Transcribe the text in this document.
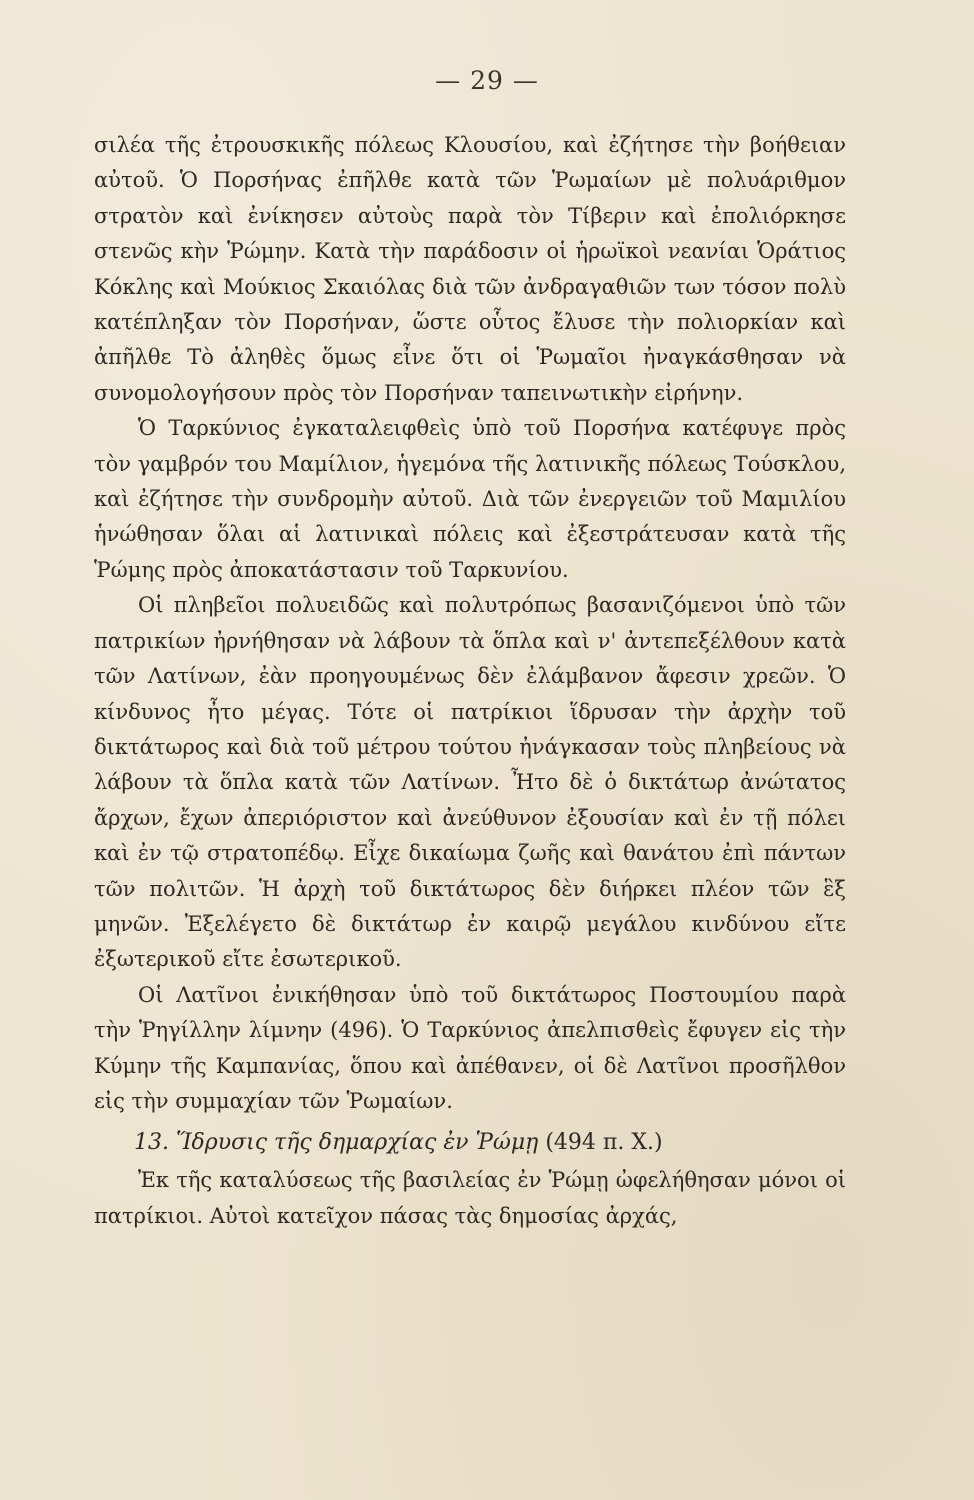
— 29 —

σιλέα τῆς ἐτρουσκικῆς πόλεως Κλουσίου, καὶ ἐζήτησε τὴν βοήθειαν αὐτοῦ. Ὁ Πορσήνας ἐπῆλθε κατὰ τῶν Ῥωμαίων μὲ πολυάριθμον στρατὸν καὶ ἐνίκησεν αὐτοὺς παρὰ τὸν Τίβεριν καὶ ἐπολιόρκησε στενῶς κὴν Ῥώμην. Κατὰ τὴν παράδοσιν οἱ ἡρωϊκοὶ νεανίαι Ὁράτιος Κόκλης καὶ Μούκιος Σκαιόλας διὰ τῶν ἀνδραγαθιῶν των τόσον πολὺ κατέπληξαν τὸν Πορσήναν, ὥστε οὗτος ἔλυσε τὴν πολιορκίαν καὶ ἀπῆλθε Τὸ ἀληθὲς ὅμως εἶνε ὅτι οἱ Ῥωμαῖοι ἠναγκάσθησαν νὰ συνομολογήσουν πρὸς τὸν Πορσήναν ταπεινωτικὴν εἰρήνην.

Ὁ Ταρκύνιος ἐγκαταλειφθεὶς ὑπὸ τοῦ Πορσήνα κατέφυγε πρὸς τὸν γαμβρόν του Μαμίλιον, ἡγεμόνα τῆς λατινικῆς πόλεως Τούσκλου, καὶ ἐζήτησε τὴν συνδρομὴν αὐτοῦ. Διὰ τῶν ἐνεργειῶν τοῦ Μαμιλίου ἡνώθησαν ὅλαι αἱ λατινικαὶ πόλεις καὶ ἐξεστράτευσαν κατὰ τῆς Ῥώμης πρὸς ἀποκατάστασιν τοῦ Ταρκυνίου.

Οἱ πληβεῖοι πολυειδῶς καὶ πολυτρόπως βασανιζόμενοι ὑπὸ τῶν πατρικίων ἠρνήθησαν νὰ λάβουν τὰ ὅπλα καὶ ν' ἀντεπεξέλθουν κατὰ τῶν Λατίνων, ἐὰν προηγουμένως δὲν ἐλάμβανον ἄφεσιν χρεῶν. Ὁ κίνδυνος ἦτο μέγας. Τότε οἱ πατρίκιοι ἵδρυσαν τὴν ἀρχὴν τοῦ δικτάτωρος καὶ διὰ τοῦ μέτρου τούτου ἠνάγκασαν τοὺς πληβείους νὰ λάβουν τὰ ὅπλα κατὰ τῶν Λατίνων. Ἦτο δὲ ὁ δικτάτωρ ἀνώτατος ἄρχων, ἔχων ἀπεριόριστον καὶ ἀνεύθυνον ἐξουσίαν καὶ ἐν τῇ πόλει καὶ ἐν τῷ στρατοπέδῳ. Εἶχε δικαίωμα ζωῆς καὶ θανάτου ἐπὶ πάντων τῶν πολιτῶν. Ἡ ἀρχὴ τοῦ δικτάτωρος δὲν διήρκει πλέον τῶν ἓξ μηνῶν. Ἐξελέγετο δὲ δικτάτωρ ἐν καιρῷ μεγάλου κινδύνου εἴτε ἐξωτερικοῦ εἴτε ἐσωτερικοῦ.

Οἱ Λατῖνοι ἐνικήθησαν ὑπὸ τοῦ δικτάτωρος Ποστουμίου παρὰ τὴν Ῥηγίλλην λίμνην (496). Ὁ Ταρκύνιος ἀπελπισθεὶς ἔφυγεν εἰς τὴν Κύμην τῆς Καμπανίας, ὅπου καὶ ἀπέθανεν, οἱ δὲ Λατῖνοι προσῆλθον εἰς τὴν συμμαχίαν τῶν Ῥωμαίων.

13. Ἵδρυσις τῆς δημαρχίας ἐν Ῥώμῃ (494 π. Χ.)

Ἐκ τῆς καταλύσεως τῆς βασιλείας ἐν Ῥώμῃ ὠφελήθησαν μόνοι οἱ πατρίκιοι. Αὐτοὶ κατεῖχον πάσας τὰς δημοσίας ἀρχάς,
